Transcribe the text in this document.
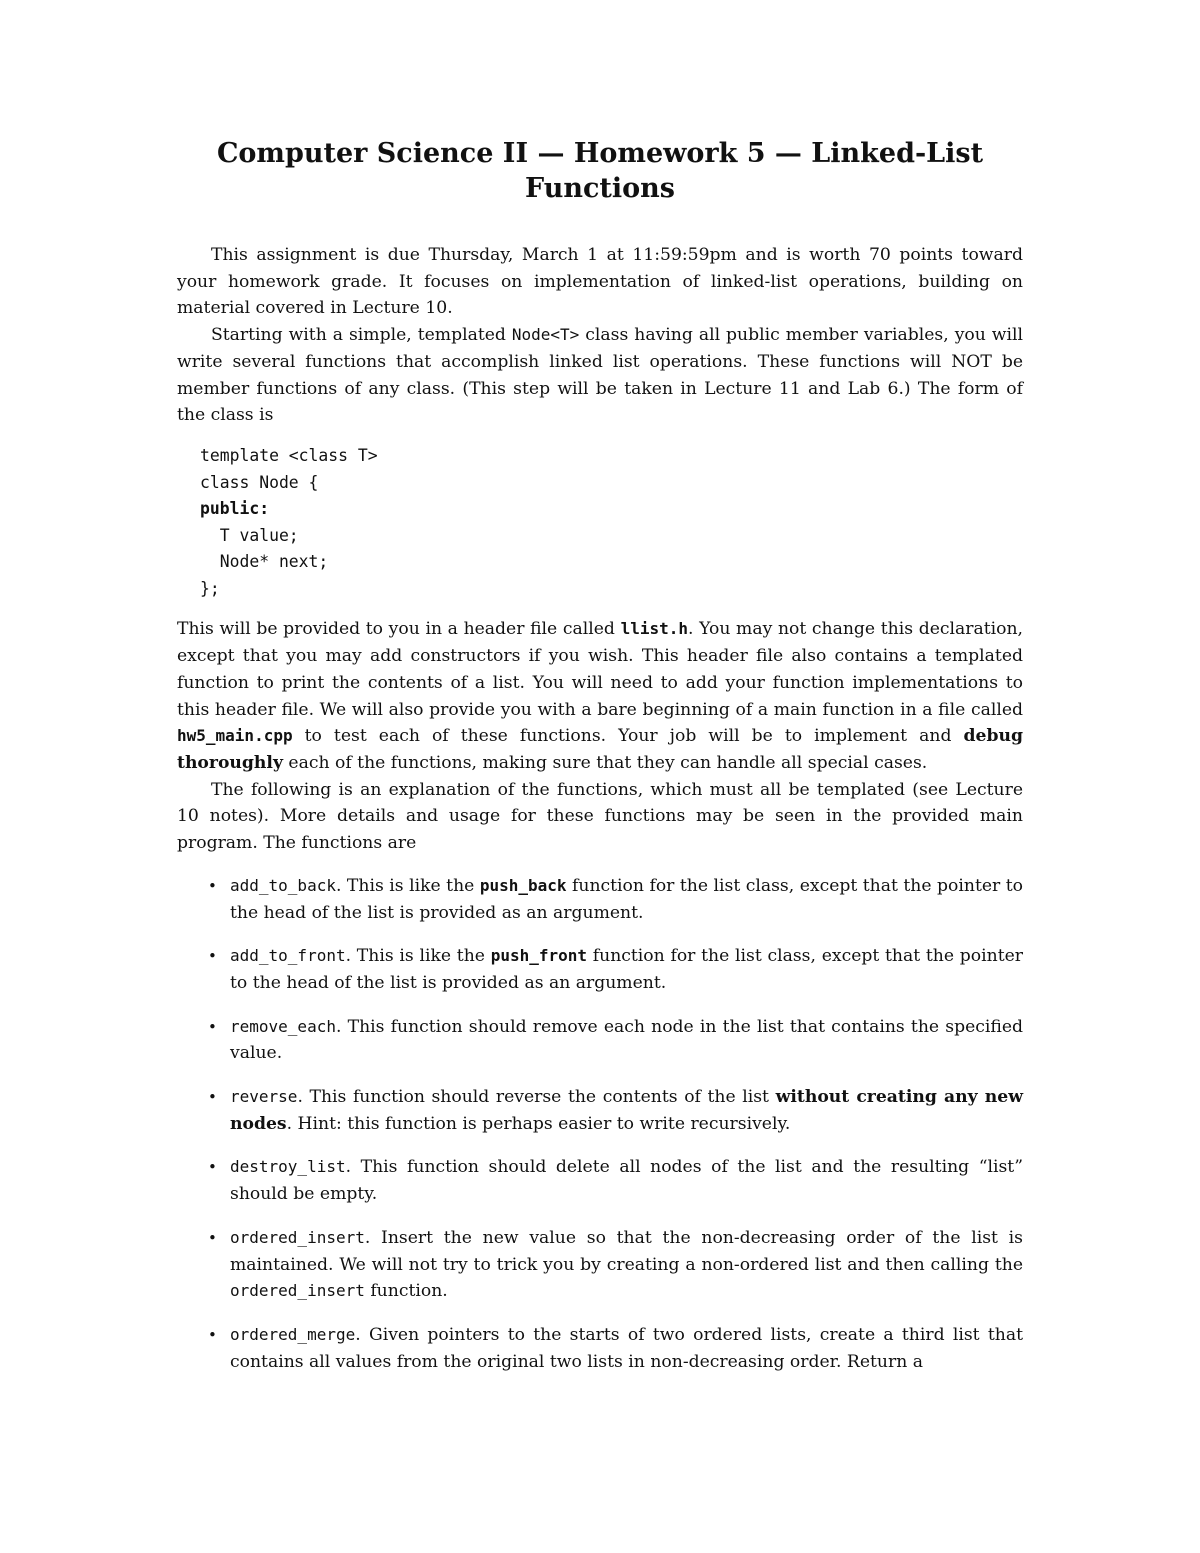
Computer Science II — Homework 5 — Linked-List
Functions

This assignment is due Thursday, March 1 at 11:59:59pm and is worth 70 points toward your homework grade. It focuses on implementation of linked-list operations, building on material covered in Lecture 10.

Starting with a simple, templated Node<T> class having all public member variables, you will write several functions that accomplish linked list operations. These functions will NOT be member functions of any class. (This step will be taken in Lecture 11 and Lab 6.) The form of the class is

template <class T>
class Node {
public:
T value;
Node* next;
};

This will be provided to you in a header file called llist.h. You may not change this declaration, except that you may add constructors if you wish. This header file also contains a templated function to print the contents of a list. You will need to add your function implementations to this header file. We will also provide you with a bare beginning of a main function in a file called hw5_main.cpp to test each of these functions. Your job will be to implement and debug thoroughly each of the functions, making sure that they can handle all special cases.

The following is an explanation of the functions, which must all be templated (see Lecture 10 notes). More details and usage for these functions may be seen in the provided main program. The functions are

• add_to_back. This is like the push_back function for the list class, except that the pointer to the head of the list is provided as an argument.
• add_to_front. This is like the push_front function for the list class, except that the pointer to the head of the list is provided as an argument.
• remove_each. This function should remove each node in the list that contains the specified value.
• reverse. This function should reverse the contents of the list without creating any new nodes. Hint: this function is perhaps easier to write recursively.
• destroy_list. This function should delete all nodes of the list and the resulting “list” should be empty.
• ordered_insert. Insert the new value so that the non-decreasing order of the list is maintained. We will not try to trick you by creating a non-ordered list and then calling the ordered_insert function.
• ordered_merge. Given pointers to the starts of two ordered lists, create a third list that contains all values from the original two lists in non-decreasing order. Return a
